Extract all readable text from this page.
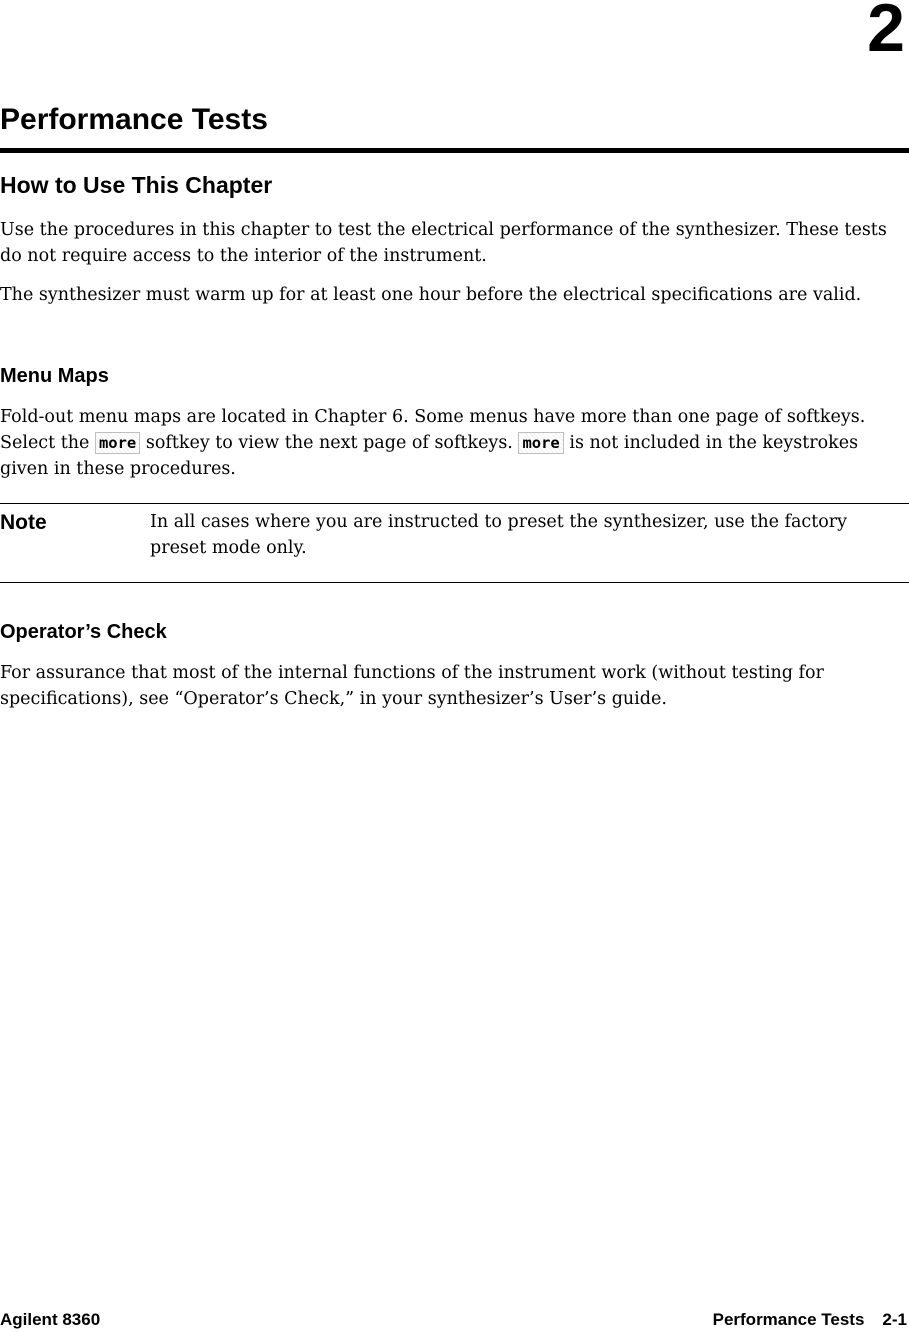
2
Performance Tests
How to Use This Chapter

Use the procedures in this chapter to test the electrical performance of the synthesizer. These tests do not require access to the interior of the instrument.

The synthesizer must warm up for at least one hour before the electrical specifications are valid.

Menu Maps

Fold-out menu maps are located in Chapter 6. Some menus have more than one page of softkeys. Select the more softkey to view the next page of softkeys. more is not included in the keystrokes given in these procedures.

Note	In all cases where you are instructed to preset the synthesizer, use the factory preset mode only.

Operator’s Check

For assurance that most of the internal functions of the instrument work (without testing for specifications), see “Operator’s Check,” in your synthesizer’s User’s guide.

Agilent 8360	Performance Tests 2-1
